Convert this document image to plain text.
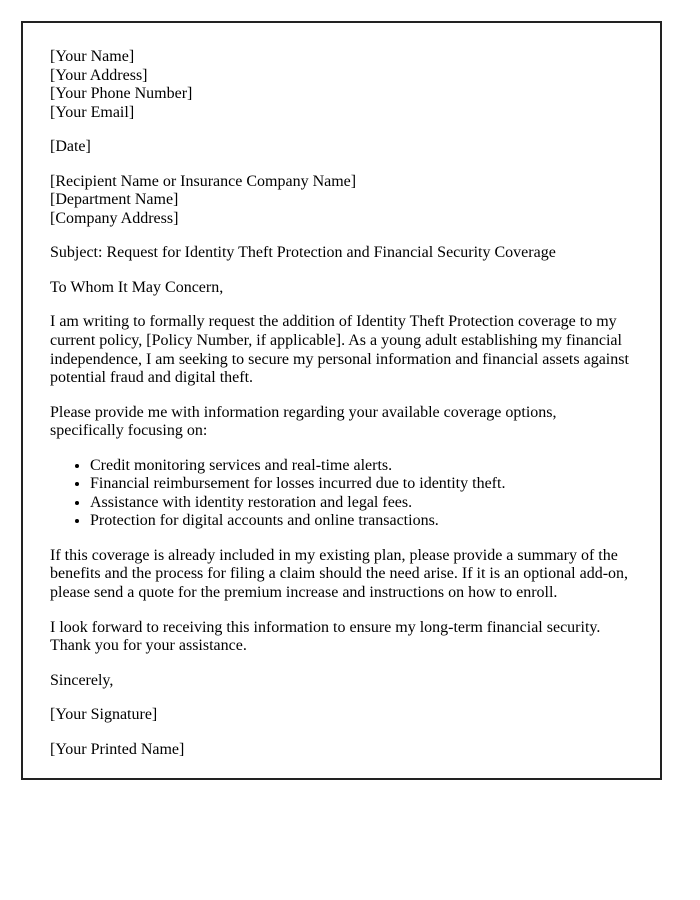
[Your Name]
[Your Address]
[Your Phone Number]
[Your Email]
[Date]
[Recipient Name or Insurance Company Name]
[Department Name]
[Company Address]
Subject: Request for Identity Theft Protection and Financial Security Coverage
To Whom It May Concern,
I am writing to formally request the addition of Identity Theft Protection coverage to my current policy, [Policy Number, if applicable]. As a young adult establishing my financial independence, I am seeking to secure my personal information and financial assets against potential fraud and digital theft.
Please provide me with information regarding your available coverage options, specifically focusing on:
• Credit monitoring services and real-time alerts.
• Financial reimbursement for losses incurred due to identity theft.
• Assistance with identity restoration and legal fees.
• Protection for digital accounts and online transactions.
If this coverage is already included in my existing plan, please provide a summary of the benefits and the process for filing a claim should the need arise. If it is an optional add-on, please send a quote for the premium increase and instructions on how to enroll.
I look forward to receiving this information to ensure my long-term financial security. Thank you for your assistance.
Sincerely,
[Your Signature]
[Your Printed Name]
